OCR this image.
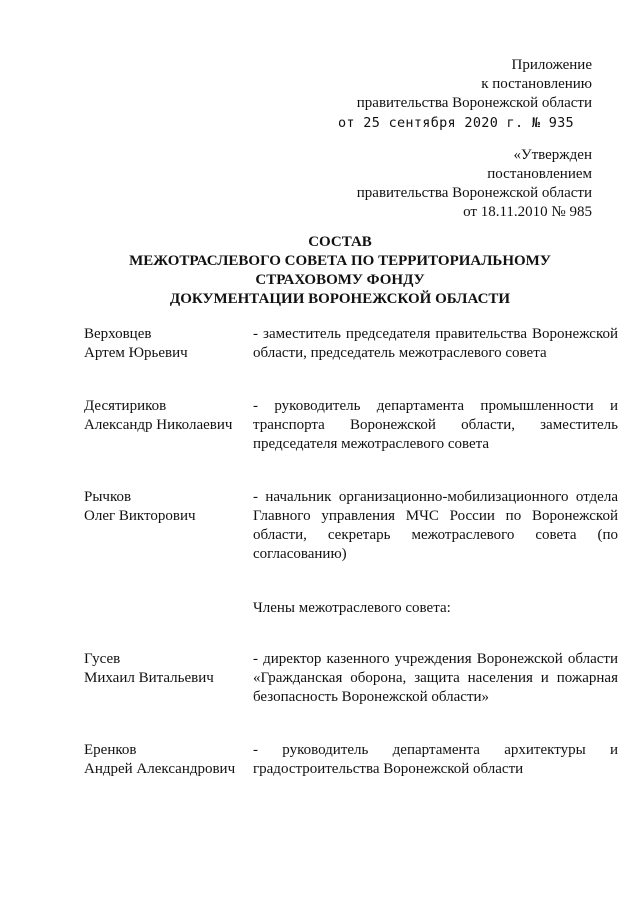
Приложение
к постановлению
правительства Воронежской области
от 25 сентября 2020 г. № 935
«Утвержден
постановлением
правительства Воронежской области
от 18.11.2010 № 985
СОСТАВ
МЕЖОТРАСЛЕВОГО СОВЕТА ПО ТЕРРИТОРИАЛЬНОМУ
СТРАХОВОМУ ФОНДУ
ДОКУМЕНТАЦИИ ВОРОНЕЖСКОЙ ОБЛАСТИ
Верховцев
Артем Юрьевич
- заместитель председателя правительства Воронежской области, председатель межотраслевого совета
Десятириков
Александр Николаевич
- руководитель департамента промышленности и транспорта Воронежской области, заместитель председателя межотраслевого совета
Рычков
Олег Викторович
- начальник организационно-мобилизационного отдела Главного управления МЧС России по Воронежской области, секретарь межотраслевого совета (по согласованию)
Члены межотраслевого совета:
Гусев
Михаил Витальевич
- директор казенного учреждения Воронежской области «Гражданская оборона, защита населения и пожарная безопасность Воронежской области»
Еренков
Андрей Александрович
- руководитель департамента архитектуры и градостроительства Воронежской области
